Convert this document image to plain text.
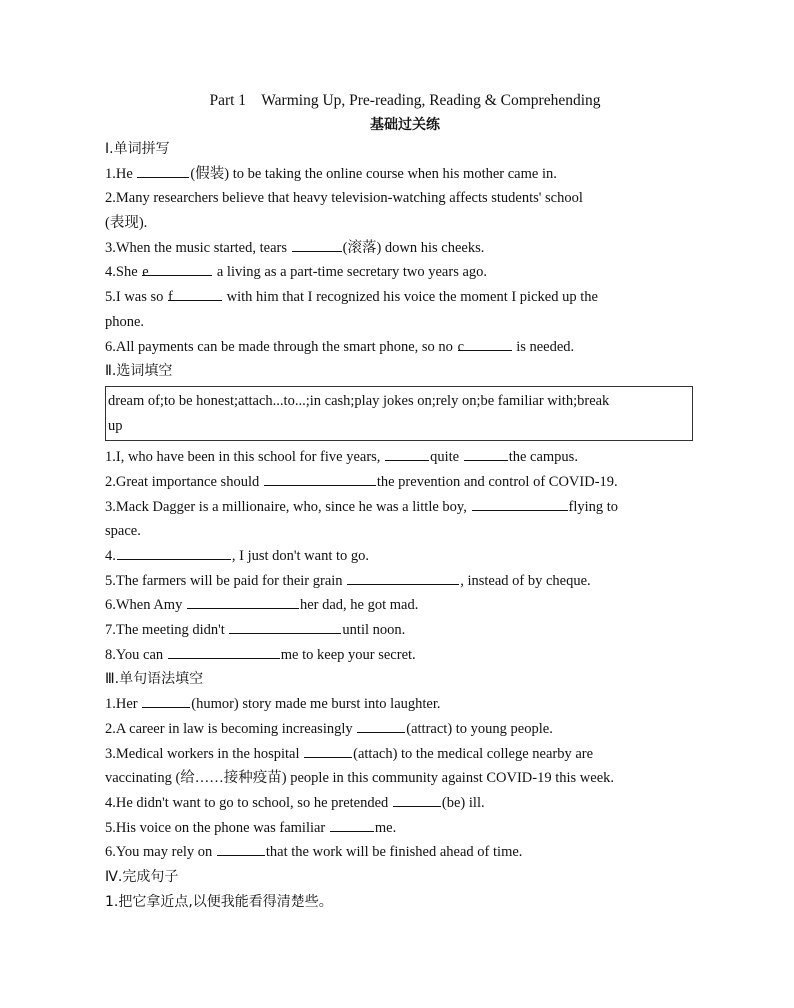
Part 1    Warming Up, Pre-reading, Reading & Comprehending
基础过关练
Ⅰ.单词拼写
1.He	(假装) to be taking the online course when his mother came in.
2.Many researchers believe that heavy television-watching affects students' school
(表现).
3.When the music started, tears	(滚落) down his cheeks.
4.She e	a living as a part-time secretary two years ago.
5.I was so f	with him that I recognized his voice the moment I picked up the
phone.
6.All payments can be made through the smart phone, so no c	is needed.
Ⅱ.选词填空
dream of;to be honest;attach...to...;in cash;play jokes on;rely on;be familiar with;break
up
1.I, who have been in this school for five years,	quite	the campus.
2.Great importance should	the prevention and control of COVID-19.
3.Mack Dagger is a millionaire, who, since he was a little boy,	flying to
space.
4.	, I just don't want to go.
5.The farmers will be paid for their grain	, instead of by cheque.
6.When Amy	her dad, he got mad.
7.The meeting didn't	until noon.
8.You can	me to keep your secret.
Ⅲ.单句语法填空
1.Her	(humor) story made me burst into laughter.
2.A career in law is becoming increasingly	(attract) to young people.
3.Medical workers in the hospital	(attach) to the medical college nearby are
vaccinating (给……接种疫苗) people in this community against COVID-19 this week.
4.He didn't want to go to school, so he pretended	(be) ill.
5.His voice on the phone was familiar	me.
6.You may rely on	that the work will be finished ahead of time.
Ⅳ.完成句子
1.把它拿近点,以便我能看得清楚些。
